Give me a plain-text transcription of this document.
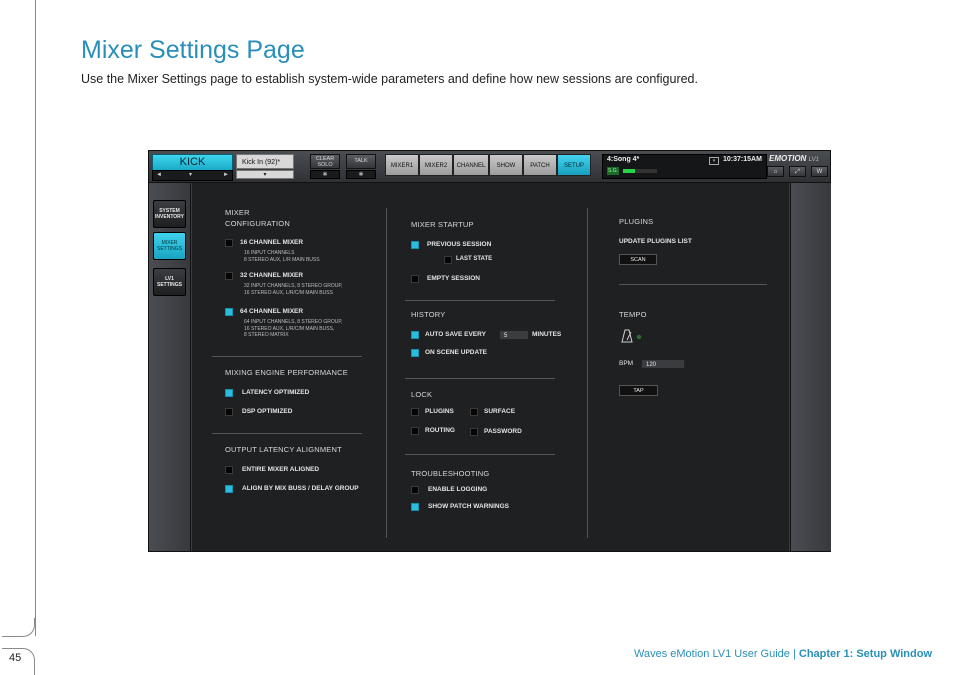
45
Mixer Settings Page
Use the Mixer Settings page to establish system-wide parameters and define how new sessions are configured.
Waves eMotion LV1 User Guide | Chapter 1: Setup Window
KICK
◄	▾	►
Kick In (92)*
▾
CLEAR SOLO
✱
TALK
✱
MIXER1	MIXER2	CHANNEL	SHOW	PATCH	SETUP
4:Song 4*	▾	10:37:15AM
S.G.
EMOTION LV1
⌂	⤢	W
SYSTEM INVENTORY
MIXER SETTINGS
LV1 SETTINGS
MIXER
CONFIGURATION
16 CHANNEL MIXER
16 INPUT CHANNELS
8 STEREO AUX, L/R MAIN BUSS
32 CHANNEL MIXER
32 INPUT CHANNELS, 8 STEREO GROUP,
16 STEREO AUX, L/R/C/M MAIN BUSS
64 CHANNEL MIXER
64 INPUT CHANNELS, 8 STEREO GROUP,
16 STEREO AUX, L/R/C/M MAIN BUSS,
8 STEREO MATRIX
MIXING ENGINE PERFORMANCE
LATENCY OPTIMIZED
DSP OPTIMIZED
OUTPUT LATENCY ALIGNMENT
ENTIRE MIXER ALIGNED
ALIGN BY MIX BUSS / DELAY GROUP
MIXER STARTUP
PREVIOUS SESSION
LAST STATE
EMPTY SESSION
HISTORY
AUTO SAVE EVERY	5	MINUTES
ON SCENE UPDATE
LOCK
PLUGINS	SURFACE
ROUTING	PASSWORD
TROUBLESHOOTING
ENABLE LOGGING
SHOW PATCH WARNINGS
PLUGINS
UPDATE PLUGINS LIST
SCAN
TEMPO
BPM	120
TAP
